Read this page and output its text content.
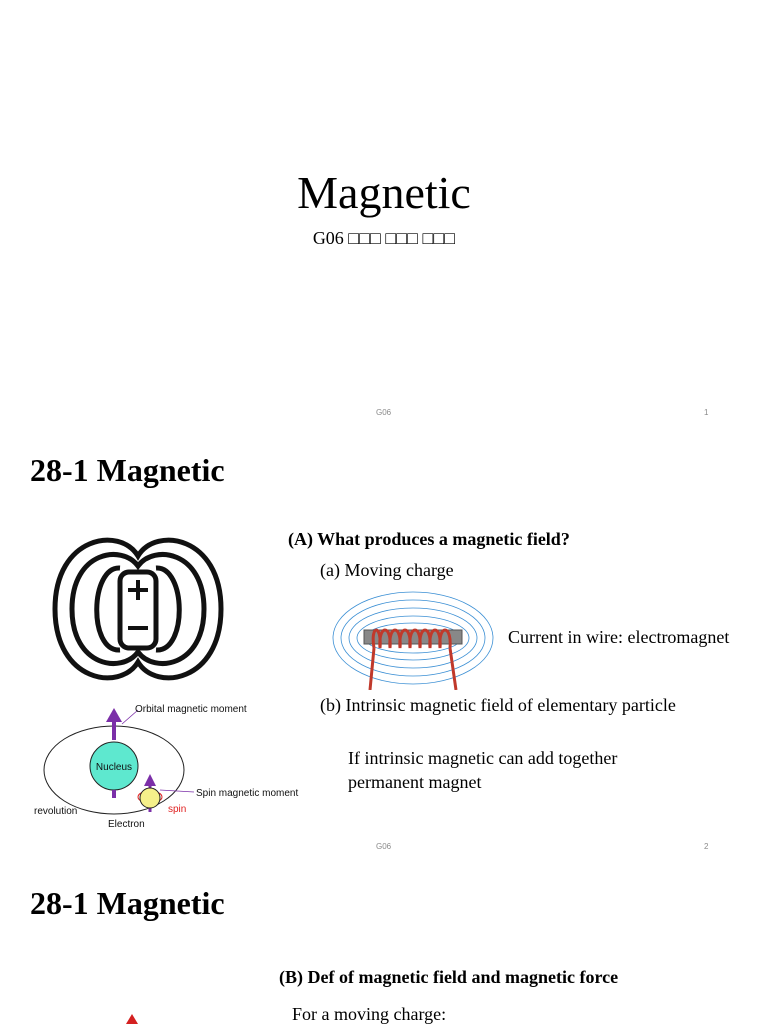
Magnetic
G06 □□□ □□□ □□□
G06	1
28-1 Magnetic
Nucleus
Orbital magnetic moment
Spin magnetic moment
spin
revolution
Electron
(A) What produces a magnetic field?
(a) Moving charge
Current in wire: electromagnet
(b) Intrinsic magnetic field of elementary particle
If intrinsic magnetic can add together
permanent magnet
G06	2
28-1 Magnetic
(B) Def of magnetic field and magnetic force
For a moving charge:
